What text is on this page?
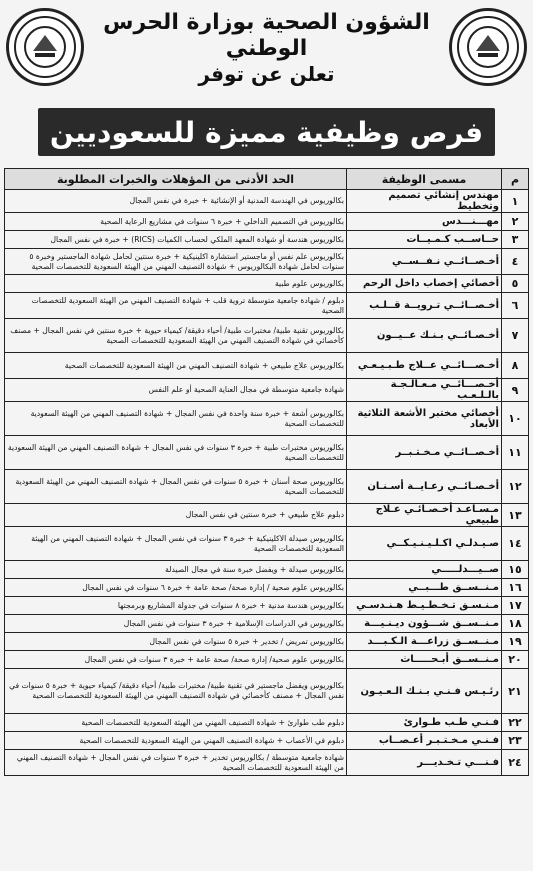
الشؤون الصحية بوزارة الحرس الوطني
تعلن عن توفر
فرص وظيفية مميزة للسعوديين
م	مسمى الوظيفة	الحد الأدنى من المؤهلات والخبرات المطلوبة
١	مهندس إنشائي تصميم وتخطيط	بكالوريوس في الهندسة المدنية أو الإنشائية + خبرة في نفس المجال
٢	مهـــنـــدس	بكالوريوس في التصميم الداخلي + خبرة ٦ سنوات في مشاريع الرعاية الصحية
٣	حــاســب كـمـيــات	بكالوريوس هندسة أو شهادة المعهد الملكي لحساب الكميات (RICS) + خبرة في نفس المجال
٤	أخـصــائــي نـفــســي	بكالوريوس علم نفس أو ماجستير استشارة اكلينيكية + خبرة سنتين لحامل شهادة الماجستير وخبرة ٥ سنوات لحامل شهادة البكالوريوس + شهادة التصنيف المهني من الهيئة السعودية للتخصصات الصحية
٥	أخصائي إخصاب داخل الرحم	بكالوريوس علوم طبية
٦	أخـصــائــي تـرويــة قــلـب	دبلوم / شهادة جامعية متوسطة تروية قلب + شهادة التصنيف المهني من الهيئة السعودية للتخصصات الصحية
٧	أخـصـائــي بـنـك عــيــون	بكالوريوس تقنية طبية/ مختبرات طبية/ أحياء دقيقة/ كيمياء حيوية + خبرة سنتين في نفس المجال + مصنف كأخصائي في شهادة التصنيف المهني من الهيئة السعودية للتخصصات الصحية
٨	أخـصـــائــي عــلاج طـبـيـعـي	بكالوريوس علاج طبيعي + شهادة التصنيف المهني من الهيئة السعودية للتخصصات الصحية
٩	أخـصـــائــي مـعـالـجـة بالـلـعـب	شهادة جامعية متوسطة في مجال العناية الصحية أو علم النفس
١٠	أخصائي مختبر الأشعة الثلاثية الأبعاد	بكالوريوس أشعة + خبرة سنة واحدة في نفس المجال + شهادة التصنيف المهني من الهيئة السعودية للتخصصات الصحية
١١	أخـصــائــي مـخـتـبــر	بكالوريوس مختبرات طبية + خبرة ٣ سنوات في نفس المجال + شهادة التصنيف المهني من الهيئة السعودية للتخصصات الصحية
١٢	أخـصـائــي رعـايــة أسـنـان	بكالوريوس صحة أسنان + خبرة ٥ سنوات في نفس المجال + شهادة التصنيف المهني من الهيئة السعودية للتخصصات الصحية
١٣	مـسـاعـد أخـصـائـي عـلاج طبيعي	دبلوم علاج طبيعي + خبرة سنتين في نفس المجال
١٤	صـيـدلـي اكـلـيـنـيـكــي	بكالوريوس صيدلة الاكلينيكية + خبرة ٣ سنوات في نفس المجال + شهادة التصنيف المهني من الهيئة السعودية للتخصصات الصحية
١٥	صــيـــدلـــــي	بكالوريوس صيدلة + ويفضل خبرة سنة في مجال الصيدلة
١٦	مـنــســق طـــبــي	بكالوريوس علوم صحية / إدارة صحة/ صحة عامة + خبرة ٦ سنوات في نفس المجال
١٧	مـنـسـق تـخـطـيـط هـنـدسـي	بكالوريوس هندسة مدنية + خبرة ٨ سنوات في جدولة المشاريع وبرمجتها
١٨	مـنــســق شـــؤون ديـنـيـــة	بكالوريوس في الدراسات الإسلامية + خبرة ٣ سنوات في نفس المجال
١٩	مـنــســق زراعـــة الـكـبـــد	بكالوريوس تمريض / تخدير + خبرة ٥ سنوات في نفس المجال
٢٠	مـنــســق أبـحـــــاث	بكالوريوس علوم صحية/ إدارة صحة/ صحة عامة + خبرة ٣ سنوات في نفس المجال
٢١	رئـيـس فـنـي بـنـك الـعـيـون	بكالوريوس ويفضل ماجستير في تقنية طبية/ مختبرات طبية/ أحياء دقيقة/ كيمياء حيوية + خبرة ٥ سنوات في نفس المجال + مصنف كأخصائي في شهادة التصنيف المهني من الهيئة السعودية للتخصصات الصحية
٢٢	فـنـي طـب طـوارئ	دبلوم طب طوارئ + شهادة التصنيف المهني من الهيئة السعودية للتخصصات الصحية
٢٣	فـنـي مـخـتـبـر أعـصــاب	دبلوم في الأعصاب + شهادة التصنيف المهني من الهيئة السعودية للتخصصات الصحية
٢٤	فـنـــي تـخـديـــر	شهادة جامعية متوسطة / بكالوريوس تخدير + خبرة ٣ سنوات في نفس المجال + شهادة التصنيف المهني من الهيئة السعودية للتخصصات الصحية
